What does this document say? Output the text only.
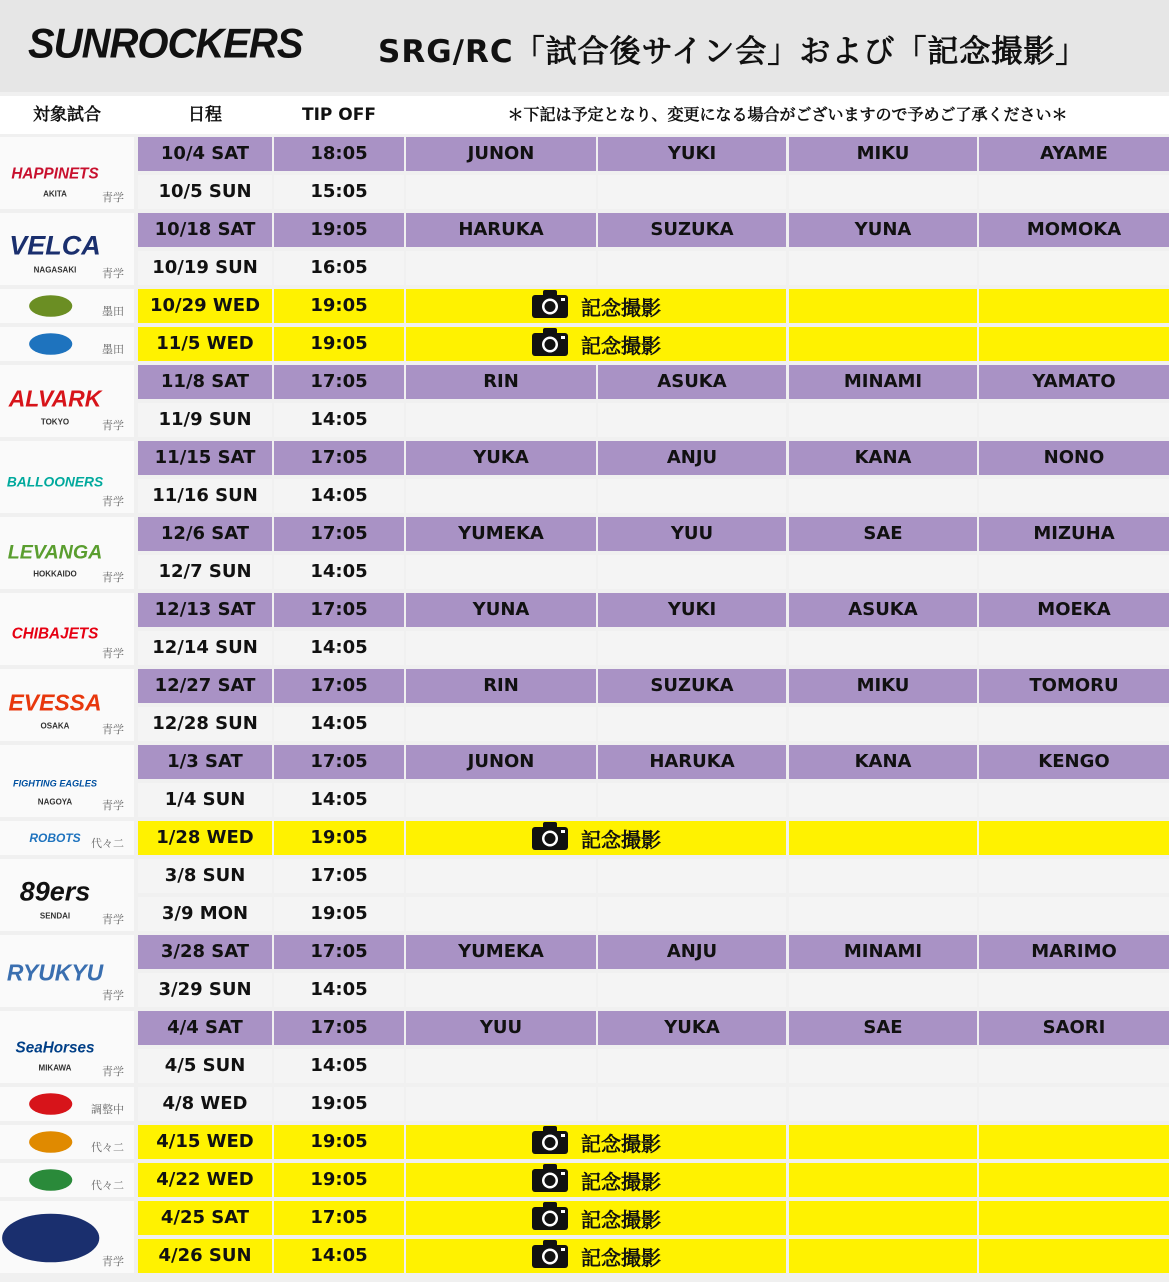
SUNROCKERS SRG/RC「試合後サイン会」および「記念撮影」
対象試合	日程	TIP OFF	＊下記は予定となり、変更になる場合がございますので予めご了承ください＊
HAPPINETS
AKITA	青学
10/4 SAT	18:05	JUNON	YUKI	MIKU	AYAME
10/5 SUN	15:05
VELCA
NAGASAKI 青学
10/18 SAT	19:05	HARUKA	SUZUKA	YUNA	MOMOKA
10/19 SUN	16:05
墨田	10/29 WED	19:05	記念撮影
墨田	11/5 WED	19:05	記念撮影
ALVARK
TOKYO	青学
11/8 SAT	17:05	RIN	ASUKA	MINAMI	YAMATO
11/9 SUN	14:05
BALLOONERS
青学
11/15 SAT	17:05	YUKA	ANJU	KANA	NONO
11/16 SUN	14:05
LEVANGA
HOKKAIDO 青学
12/6 SAT	17:05	YUMEKA	YUU	SAE	MIZUHA
12/7 SUN	14:05
CHIBAJETS
青学
12/13 SAT	17:05	YUNA	YUKI	ASUKA	MOEKA
12/14 SUN	14:05
EVESSA
OSAKA	青学
12/27 SAT	17:05	RIN	SUZUKA	MIKU	TOMORU
12/28 SUN	14:05
FIGHTING EAGLES
NAGOYA	青学
1/3 SAT	17:05	JUNON	HARUKA	KANA	KENGO
1/4 SUN	14:05
ROBOTS 代々二	1/28 WED	19:05	記念撮影
89ers
SENDAI	青学
3/8 SUN	17:05
3/9 MON	19:05
RYUKYU
青学
3/28 SAT	17:05	YUMEKA	ANJU	MINAMI	MARIMO
3/29 SUN	14:05
SeaHorses
MIKAWA	青学
4/4 SAT	17:05	YUU	YUKA	SAE	SAORI
4/5 SUN	14:05
調整中	4/8 WED	19:05
代々二	4/15 WED	19:05	記念撮影
代々二	4/22 WED	19:05	記念撮影
青学
4/25 SAT	17:05	記念撮影
4/26 SUN	14:05	記念撮影
